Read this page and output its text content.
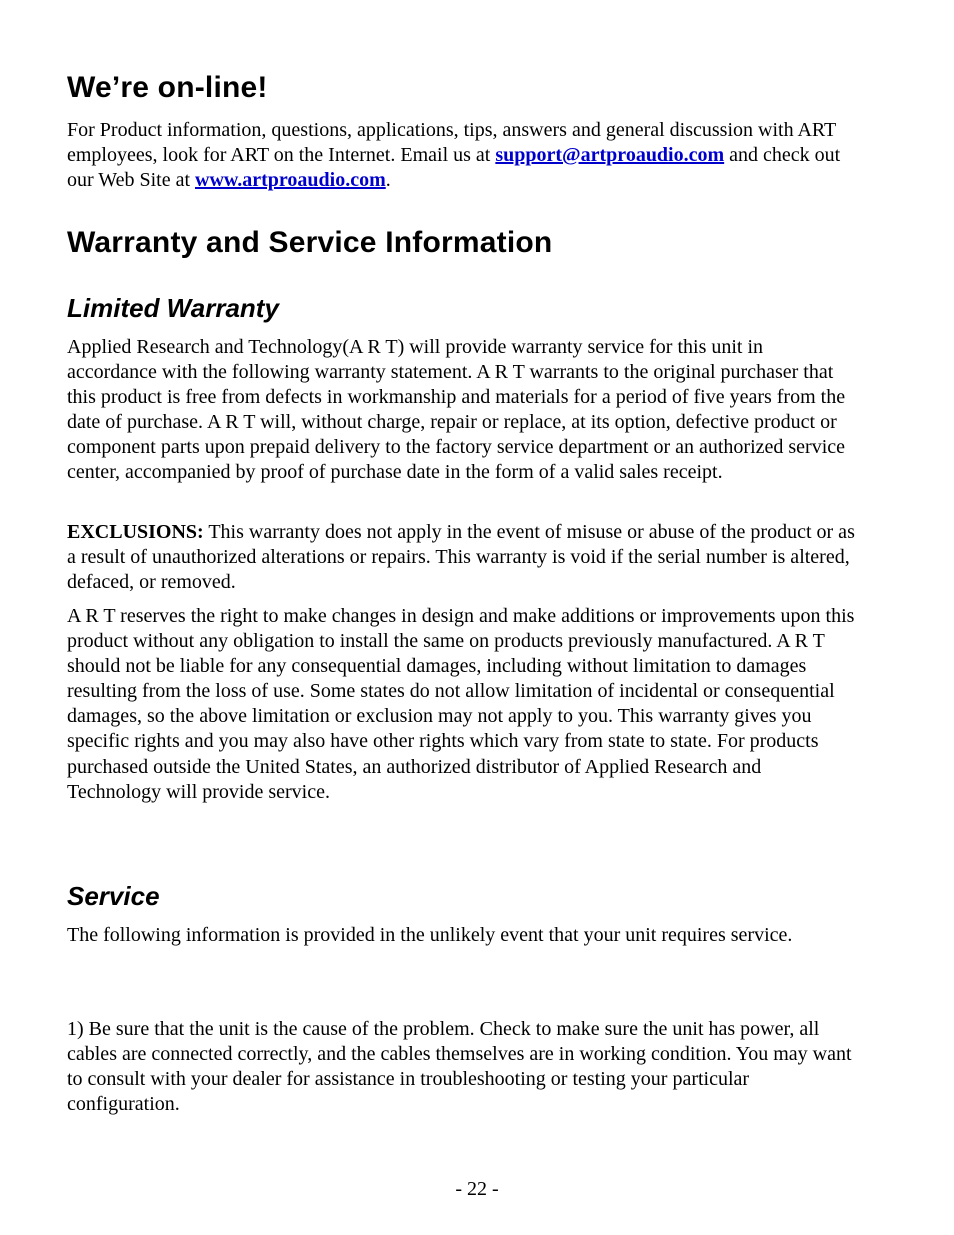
We’re on-line!

For Product information, questions, applications, tips, answers and general discussion with ART employees, look for ART on the Internet. Email us at support@artproaudio.com and check out our Web Site at www.artproaudio.com.

Warranty and Service Information
Limited Warranty

Applied Research and Technology(A R T) will provide warranty service for this unit in accordance with the following warranty statement. A R T warrants to the original purchaser that this product is free from defects in workmanship and materials for a period of five years from the date of purchase. A R T will, without charge, repair or replace, at its option, defective product or component parts upon prepaid delivery to the factory service department or an authorized service center, accompanied by proof of purchase date in the form of a valid sales receipt.

EXCLUSIONS: This warranty does not apply in the event of misuse or abuse of the product or as a result of unauthorized alterations or repairs. This warranty is void if the serial number is altered, defaced, or removed.

A R T reserves the right to make changes in design and make additions or improvements upon this product without any obligation to install the same on products previously manufactured. A R T should not be liable for any consequential damages, including without limitation to damages resulting from the loss of use. Some states do not allow limitation of incidental or consequential damages, so the above limitation or exclusion may not apply to you. This warranty gives you specific rights and you may also have other rights which vary from state to state. For products purchased outside the United States, an authorized distributor of Applied Research and Technology will provide service.

Service

The following information is provided in the unlikely event that your unit requires service.

1) Be sure that the unit is the cause of the problem. Check to make sure the unit has power, all cables are connected correctly, and the cables themselves are in working condition. You may want to consult with your dealer for assistance in troubleshooting or testing your particular configuration.

- 22 -
